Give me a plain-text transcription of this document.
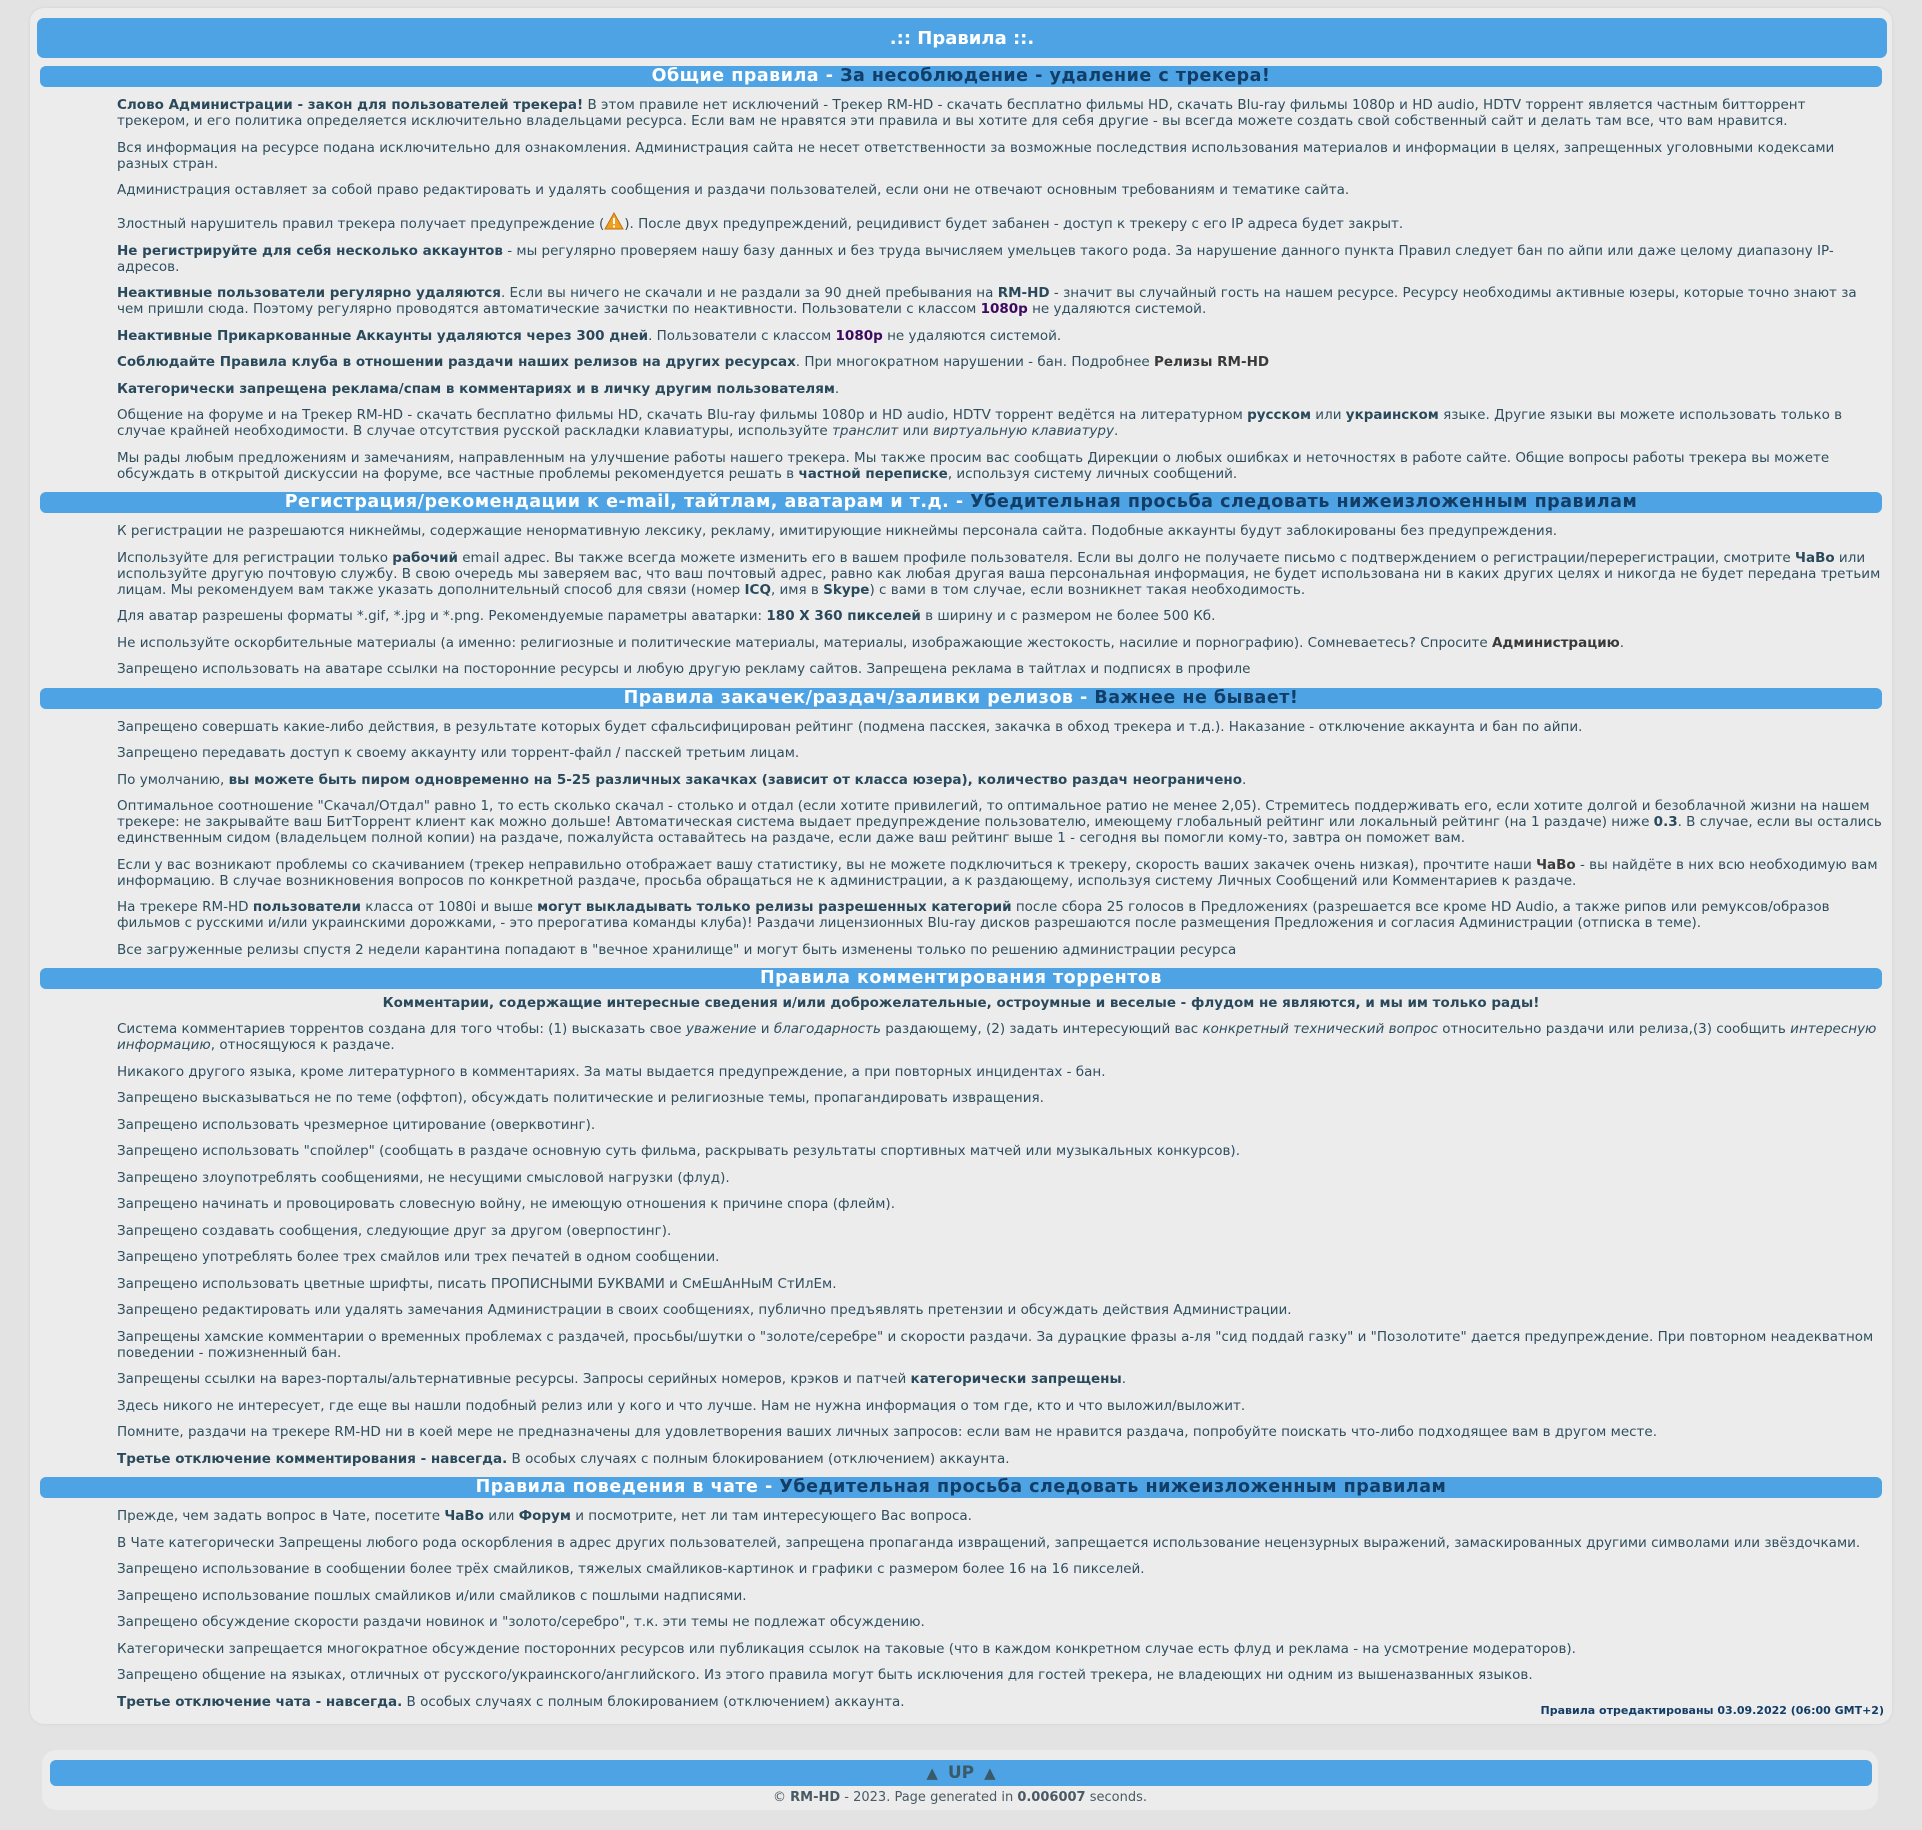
.:: Правила ::.
Общие правила - За несоблюдение - удаление с трекера!
Слово Администрации - закон для пользователей трекера! В этом правиле нет исключений - Трекер RM-HD - скачать бесплатно фильмы HD, скачать Blu-ray фильмы 1080p и HD audio, HDTV торрент является частным битторрент трекером, и его политика определяется исключительно владельцами ресурса. Если вам не нравятся эти правила и вы хотите для себя другие - вы всегда можете создать свой собственный сайт и делать там все, что вам нравится.
Вся информация на ресурсе подана исключительно для ознакомления. Администрация сайта не несет ответственности за возможные последствия использования материалов и информации в целях, запрещенных уголовными кодексами разных стран.
Администрация оставляет за собой право редактировать и удалять сообщения и раздачи пользователей, если они не отвечают основным требованиям и тематике сайта.
Злостный нарушитель правил трекера получает предупреждение ( ). После двух предупреждений, рецидивист будет забанен - доступ к трекеру с его IP адреса будет закрыт.
Не регистрируйте для себя несколько аккаунтов - мы регулярно проверяем нашу базу данных и без труда вычисляем умельцев такого рода. За нарушение данного пункта Правил следует бан по айпи или даже целому диапазону IP-адресов.
Неактивные пользователи регулярно удаляются. Если вы ничего не скачали и не раздали за 90 дней пребывания на RM-HD - значит вы случайный гость на нашем ресурсе. Ресурсу необходимы активные юзеры, которые точно знают за чем пришли сюда. Поэтому регулярно проводятся автоматические зачистки по неактивности. Пользователи с классом 1080p не удаляются системой.
Неактивные Прикаркованные Аккаунты удаляются через 300 дней. Пользователи с классом 1080p не удаляются системой.
Соблюдайте Правила клуба в отношении раздачи наших релизов на других ресурсах. При многократном нарушении - бан. Подробнее Релизы RM-HD
Категорически запрещена реклама/спам в комментариях и в личку другим пользователям.
Общение на форуме и на Трекер RM-HD - скачать бесплатно фильмы HD, скачать Blu-ray фильмы 1080p и HD audio, HDTV торрент ведётся на литературном русском или украинском языке. Другие языки вы можете использовать только в случае крайней необходимости. В случае отсутствия русской раскладки клавиатуры, используйте транслит или виртуальную клавиатуру.
Мы рады любым предложениям и замечаниям, направленным на улучшение работы нашего трекера. Мы также просим вас сообщать Дирекции о любых ошибках и неточностях в работе сайте. Общие вопросы работы трекера вы можете обсуждать в открытой дискуссии на форуме, все частные проблемы рекомендуется решать в частной переписке, используя систему личных сообщений.
Регистрация/рекомендации к e-mail, тайтлам, аватарам и т.д. - Убедительная просьба следовать нижеизложенным правилам
К регистрации не разрешаются никнеймы, содержащие ненормативную лексику, рекламу, имитирующие никнеймы персонала сайта. Подобные аккаунты будут заблокированы без предупреждения.
Используйте для регистрации только рабочий email адрес. Вы также всегда можете изменить его в вашем профиле пользователя. Если вы долго не получаете письмо с подтверждением о регистрации/перерегистрации, смотрите ЧаВо или используйте другую почтовую службу. В свою очередь мы заверяем вас, что ваш почтовый адрес, равно как любая другая ваша персональная информация, не будет использована ни в каких других целях и никогда не будет передана третьим лицам. Мы рекомендуем вам также указать дополнительный способ для связи (номер ICQ, имя в Skype) с вами в том случае, если возникнет такая необходимость.
Для аватар разрешены форматы *.gif, *.jpg и *.png. Рекомендуемые параметры аватарки: 180 X 360 пикселей в ширину и с размером не более 500 Кб.
Не используйте оскорбительные материалы (а именно: религиозные и политические материалы, материалы, изображающие жестокость, насилие и порнографию). Сомневаетесь? Спросите Администрацию.
Запрещено использовать на аватаре ссылки на посторонние ресурсы и любую другую рекламу сайтов. Запрещена реклама в тайтлах и подписях в профиле
Правила закачек/раздач/заливки релизов - Важнее не бывает!
Запрещено совершать какие-либо действия, в результате которых будет сфальсифицирован рейтинг (подмена пасскея, закачка в обход трекера и т.д.). Наказание - отключение аккаунта и бан по айпи.
Запрещено передавать доступ к своему аккаунту или торрент-файл / пасскей третьим лицам.
По умолчанию, вы можете быть пиром одновременно на 5-25 различных закачках (зависит от класса юзера), количество раздач неограничено.
Оптимальное соотношение "Скачал/Отдал" равно 1, то есть сколько скачал - столько и отдал (если хотите привилегий, то оптимальное ратио не менее 2,05). Стремитесь поддерживать его, если хотите долгой и безоблачной жизни на нашем трекере: не закрывайте ваш БитТоррент клиент как можно дольше! Автоматическая система выдает предупреждение пользователю, имеющему глобальный рейтинг или локальный рейтинг (на 1 раздаче) ниже 0.3. В случае, если вы остались единственным сидом (владельцем полной копии) на раздаче, пожалуйста оставайтесь на раздаче, если даже ваш рейтинг выше 1 - сегодня вы помогли кому-то, завтра он поможет вам.
Если у вас возникают проблемы со скачиванием (трекер неправильно отображает вашу статистику, вы не можете подключиться к трекеру, скорость ваших закачек очень низкая), прочтите наши ЧаВо - вы найдёте в них всю необходимую вам информацию. В случае возникновения вопросов по конкретной раздаче, просьба обращаться не к администрации, а к раздающему, используя систему Личных Сообщений или Комментариев к раздаче.
На трекере RM-HD пользователи класса от 1080i и выше могут выкладывать только релизы разрешенных категорий после сбора 25 голосов в Предложениях (разрешается все кроме HD Audio, а также рипов или ремуксов/образов фильмов с русскими и/или украинскими дорожками, - это прерогатива команды клуба)! Раздачи лицензионных Blu-ray дисков разрешаются после размещения Предложения и согласия Администрации (отписка в теме).
Все загруженные релизы спустя 2 недели карантина попадают в "вечное хранилище" и могут быть изменены только по решению администрации ресурса
Правила комментирования торрентов
Комментарии, содержащие интересные сведения и/или доброжелательные, остроумные и веселые - флудом не являются, и мы им только рады!
Система комментариев торрентов создана для того чтобы: (1) высказать свое уважение и благодарность раздающему, (2) задать интересующий вас конкретный технический вопрос относительно раздачи или релиза,(3) сообщить интересную информацию, относящуюся к раздаче.
Никакого другого языка, кроме литературного в комментариях. За маты выдается предупреждение, а при повторных инцидентах - бан.
Запрещено высказываться не по теме (оффтоп), обсуждать политические и религиозные темы, пропагандировать извращения.
Запрещено использовать чрезмерное цитирование (оверквотинг).
Запрещено использовать "спойлер" (сообщать в раздаче основную суть фильма, раскрывать результаты спортивных матчей или музыкальных конкурсов).
Запрещено злоупотреблять сообщениями, не несущими смысловой нагрузки (флуд).
Запрещено начинать и провоцировать словесную войну, не имеющую отношения к причине спора (флейм).
Запрещено создавать сообщения, следующие друг за другом (оверпостинг).
Запрещено употреблять более трех смайлов или трех печатей в одном сообщении.
Запрещено использовать цветные шрифты, писать ПРОПИСНЫМИ БУКВАМИ и СмЕшАнНыМ СтИлЕм.
Запрещено редактировать или удалять замечания Администрации в своих сообщениях, публично предъявлять претензии и обсуждать действия Администрации.
Запрещены хамские комментарии о временных проблемах с раздачей, просьбы/шутки о "золоте/серебре" и скорости раздачи. За дурацкие фразы а-ля "сид поддай газку" и "Позолотите" дается предупреждение. При повторном неадекватном поведении - пожизненный бан.
Запрещены ссылки на варез-порталы/альтернативные ресурсы. Запросы серийных номеров, крэков и патчей категорически запрещены.
Здесь никого не интересует, где еще вы нашли подобный релиз или у кого и что лучше. Нам не нужна информация о том где, кто и что выложил/выложит.
Помните, раздачи на трекере RM-HD ни в коей мере не предназначены для удовлетворения ваших личных запросов: если вам не нравится раздача, попробуйте поискать что-либо подходящее вам в другом месте.
Третье отключение комментирования - навсегда. В особых случаях с полным блокированием (отключением) аккаунта.
Правила поведения в чате - Убедительная просьба следовать нижеизложенным правилам
Прежде, чем задать вопрос в Чате, посетите ЧаВо или Форум и посмотрите, нет ли там интересующего Вас вопроса.
В Чате категорически Запрещены любого рода оскорбления в адрес других пользователей, запрещена пропаганда извращений, запрещается использование нецензурных выражений, замаскированных другими символами или звёздочками.
Запрещено использование в сообщении более трёх смайликов, тяжелых смайликов-картинок и графики с размером более 16 на 16 пикселей.
Запрещено использование пошлых смайликов и/или смайликов с пошлыми надписями.
Запрещено обсуждение скорости раздачи новинок и "золото/серебро", т.к. эти темы не подлежат обсуждению.
Категорически запрещается многократное обсуждение посторонних ресурсов или публикация ссылок на таковые (что в каждом конкретном случае есть флуд и реклама - на усмотрение модераторов).
Запрещено общение на языках, отличных от русского/украинского/английского. Из этого правила могут быть исключения для гостей трекера, не владеющих ни одним из вышеназванных языков.
Третье отключение чата - навсегда. В особых случаях с полным блокированием (отключением) аккаунта.
Правила отредактированы 03.09.2022 (06:00 GMT+2)
▲ UP ▲
© RM-HD - 2023. Page generated in 0.006007 seconds.
